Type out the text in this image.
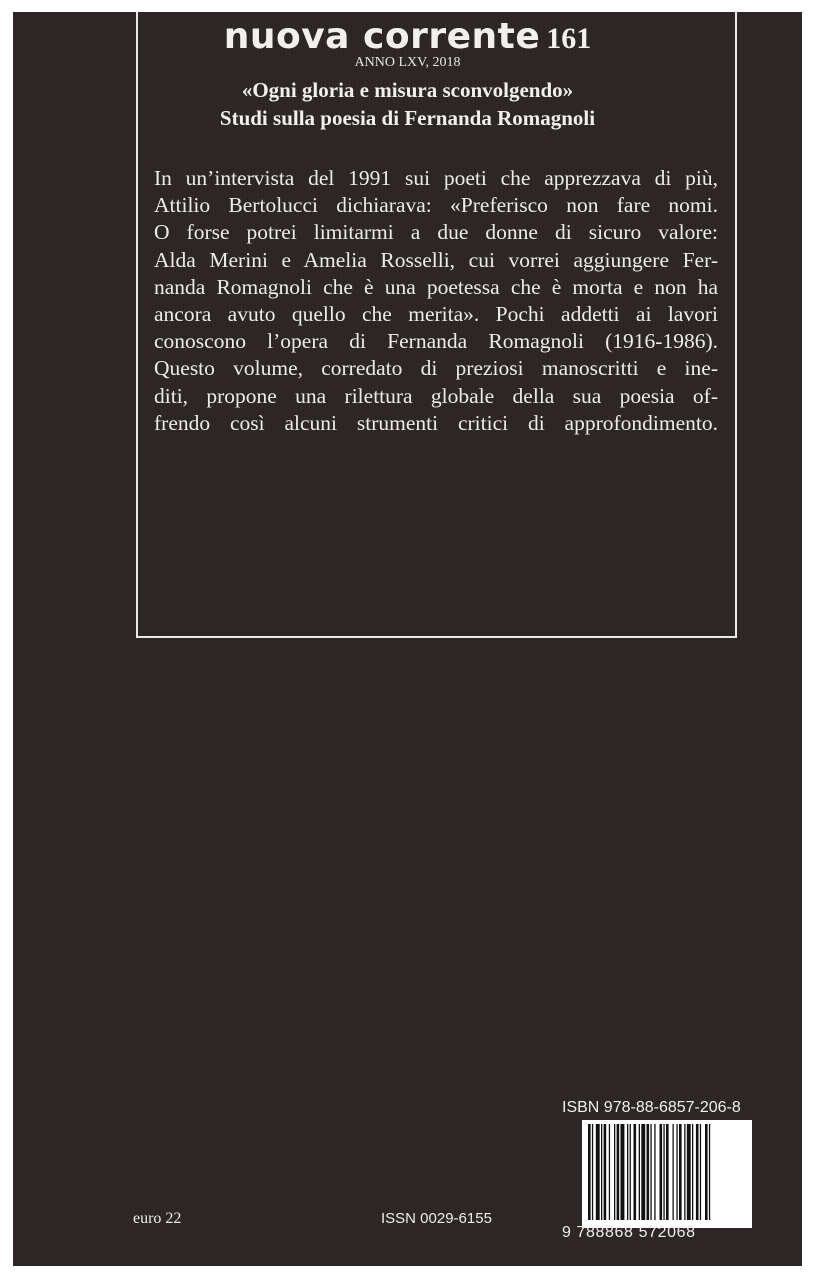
nuova corrente 161
ANNO LXV, 2018
«Ogni gloria e misura sconvolgendo»
Studi sulla poesia di Fernanda Romagnoli
In un’intervista del 1991 sui poeti che apprezzava di più,
Attilio Bertolucci dichiarava: «Preferisco non fare nomi.
O forse potrei limitarmi a due donne di sicuro valore:
Alda Merini e Amelia Rosselli, cui vorrei aggiungere Fer-
nanda Romagnoli che è una poetessa che è morta e non ha
ancora avuto quello che merita». Pochi addetti ai lavori
conoscono l’opera di Fernanda Romagnoli (1916-1986).
Questo volume, corredato di preziosi manoscritti e ine-
diti, propone una rilettura globale della sua poesia of-
frendo così alcuni strumenti critici di approfondimento.
ISBN 978-88-6857-206-8
9 788868 572068
euro 22	ISSN 0029-6155
